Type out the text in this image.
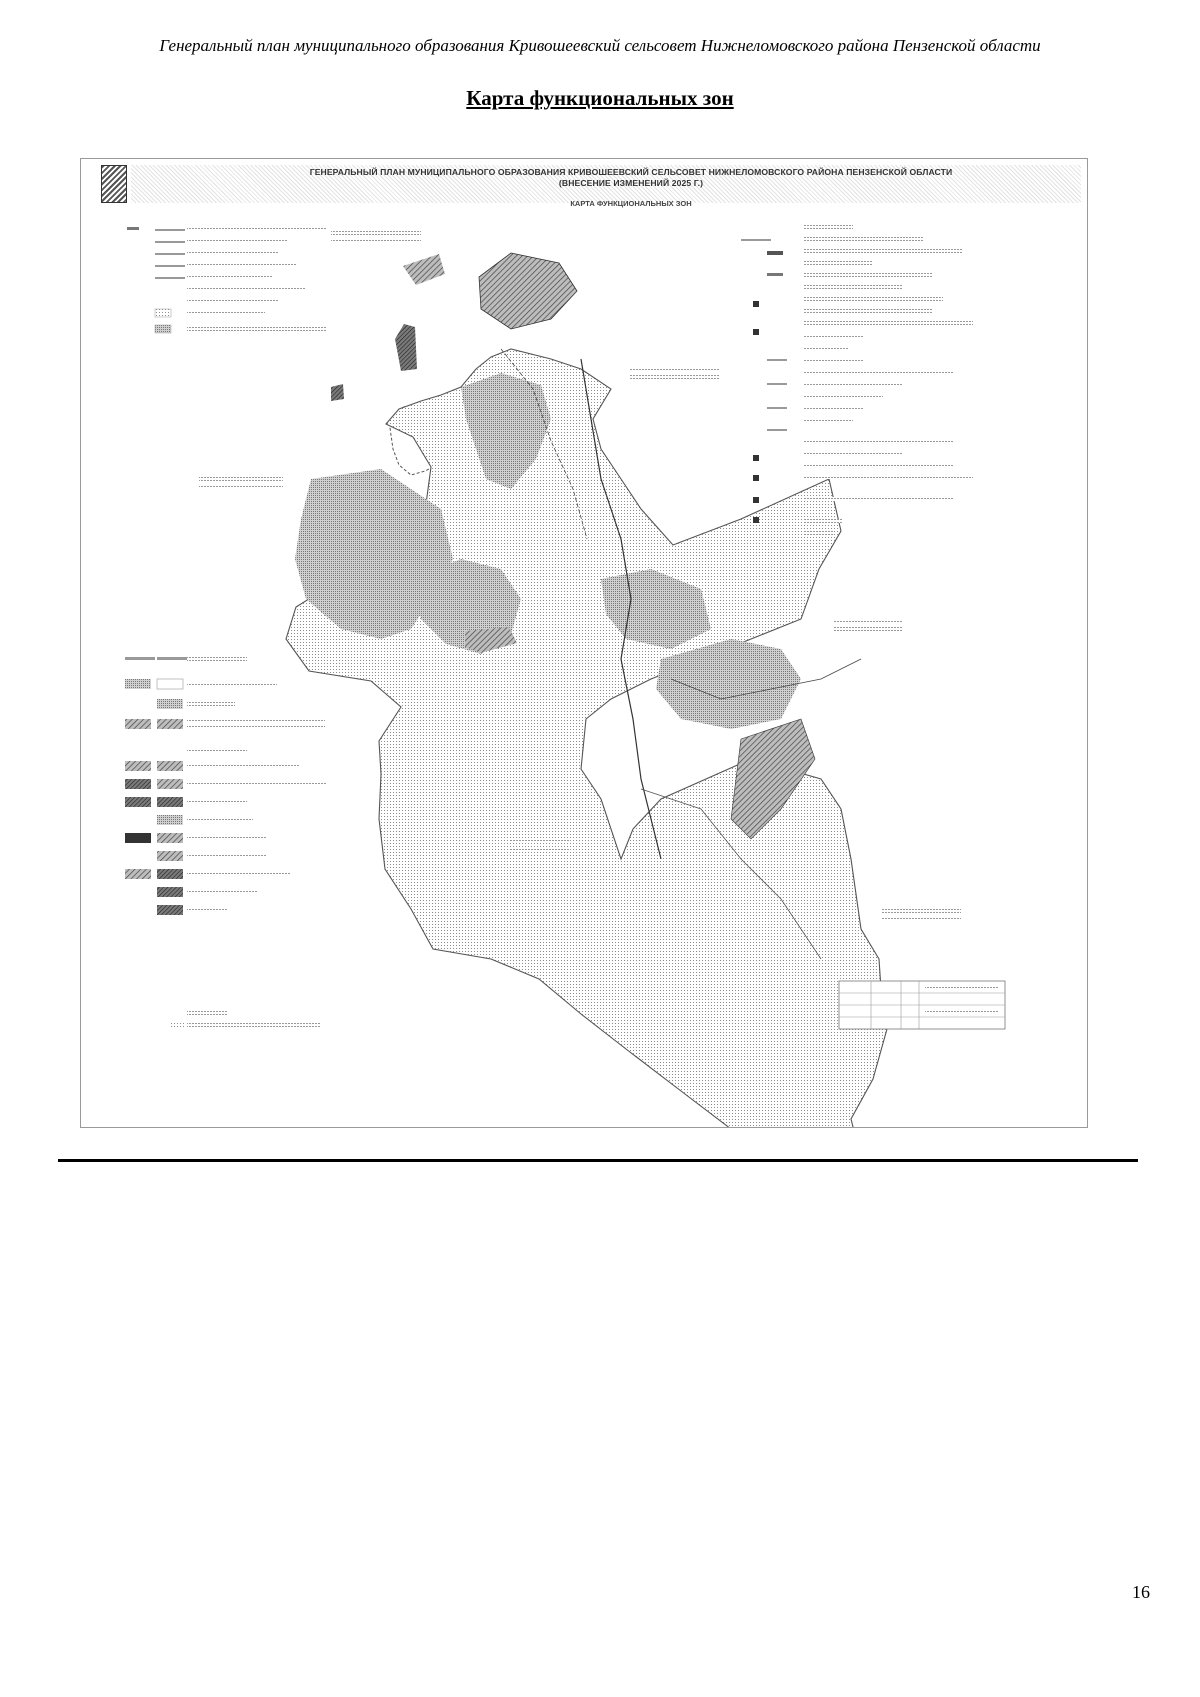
Генеральный план муниципального образования Кривошеевский сельсовет Нижнеломовского района Пензенской области
Карта функциональных зон
ГЕНЕРАЛЬНЫЙ ПЛАН МУНИЦИПАЛЬНОГО ОБРАЗОВАНИЯ КРИВОШЕЕВСКИЙ СЕЛЬСОВЕТ НИЖНЕЛОМОВСКОГО РАЙОНА ПЕНЗЕНСКОЙ ОБЛАСТИ
(ВНЕСЕНИЕ ИЗМЕНЕНИЙ 2025 Г.)
КАРТА ФУНКЦИОНАЛЬНЫХ ЗОН
16
